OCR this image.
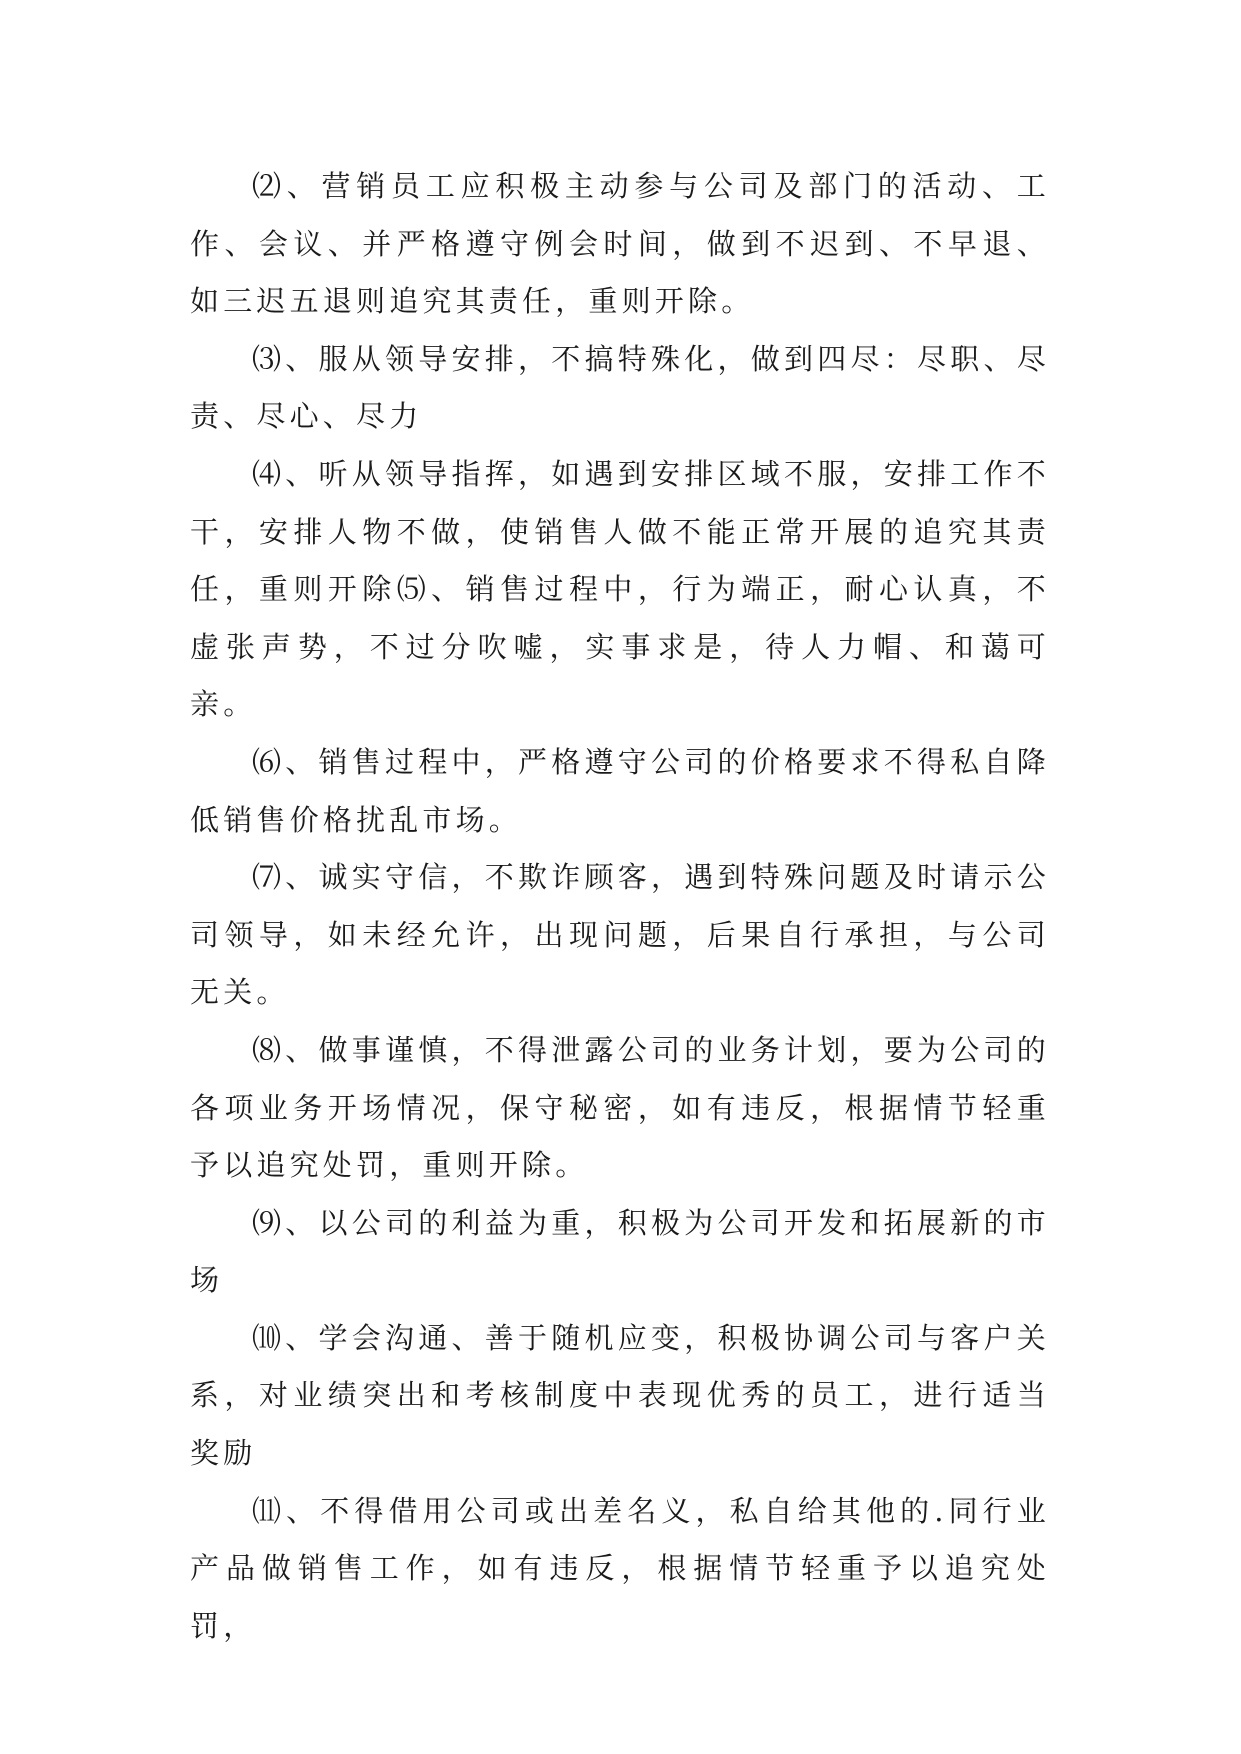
⑵、营销员工应积极主动参与公司及部门的活动、工作、会议、并严格遵守例会时间，做到不迟到、不早退、如三迟五退则追究其责任，重则开除。

⑶、服从领导安排，不搞特殊化，做到四尽：尽职、尽责、尽心、尽力

⑷、听从领导指挥，如遇到安排区域不服，安排工作不干，安排人物不做，使销售人做不能正常开展的追究其责任，重则开除⑸、销售过程中，行为端正，耐心认真，不虚张声势，不过分吹嘘，实事求是，待人力帽、和蔼可亲。

⑹、销售过程中，严格遵守公司的价格要求不得私自降低销售价格扰乱市场。

⑺、诚实守信，不欺诈顾客，遇到特殊问题及时请示公司领导，如未经允许，出现问题，后果自行承担，与公司无关。

⑻、做事谨慎，不得泄露公司的业务计划，要为公司的各项业务开场情况，保守秘密，如有违反，根据情节轻重予以追究处罚，重则开除。

⑼、以公司的利益为重，积极为公司开发和拓展新的市场

⑽、学会沟通、善于随机应变，积极协调公司与客户关系，对业绩突出和考核制度中表现优秀的员工，进行适当奖励

⑾、不得借用公司或出差名义，私自给其他的.同行业产品做销售工作，如有违反，根据情节轻重予以追究处罚，
